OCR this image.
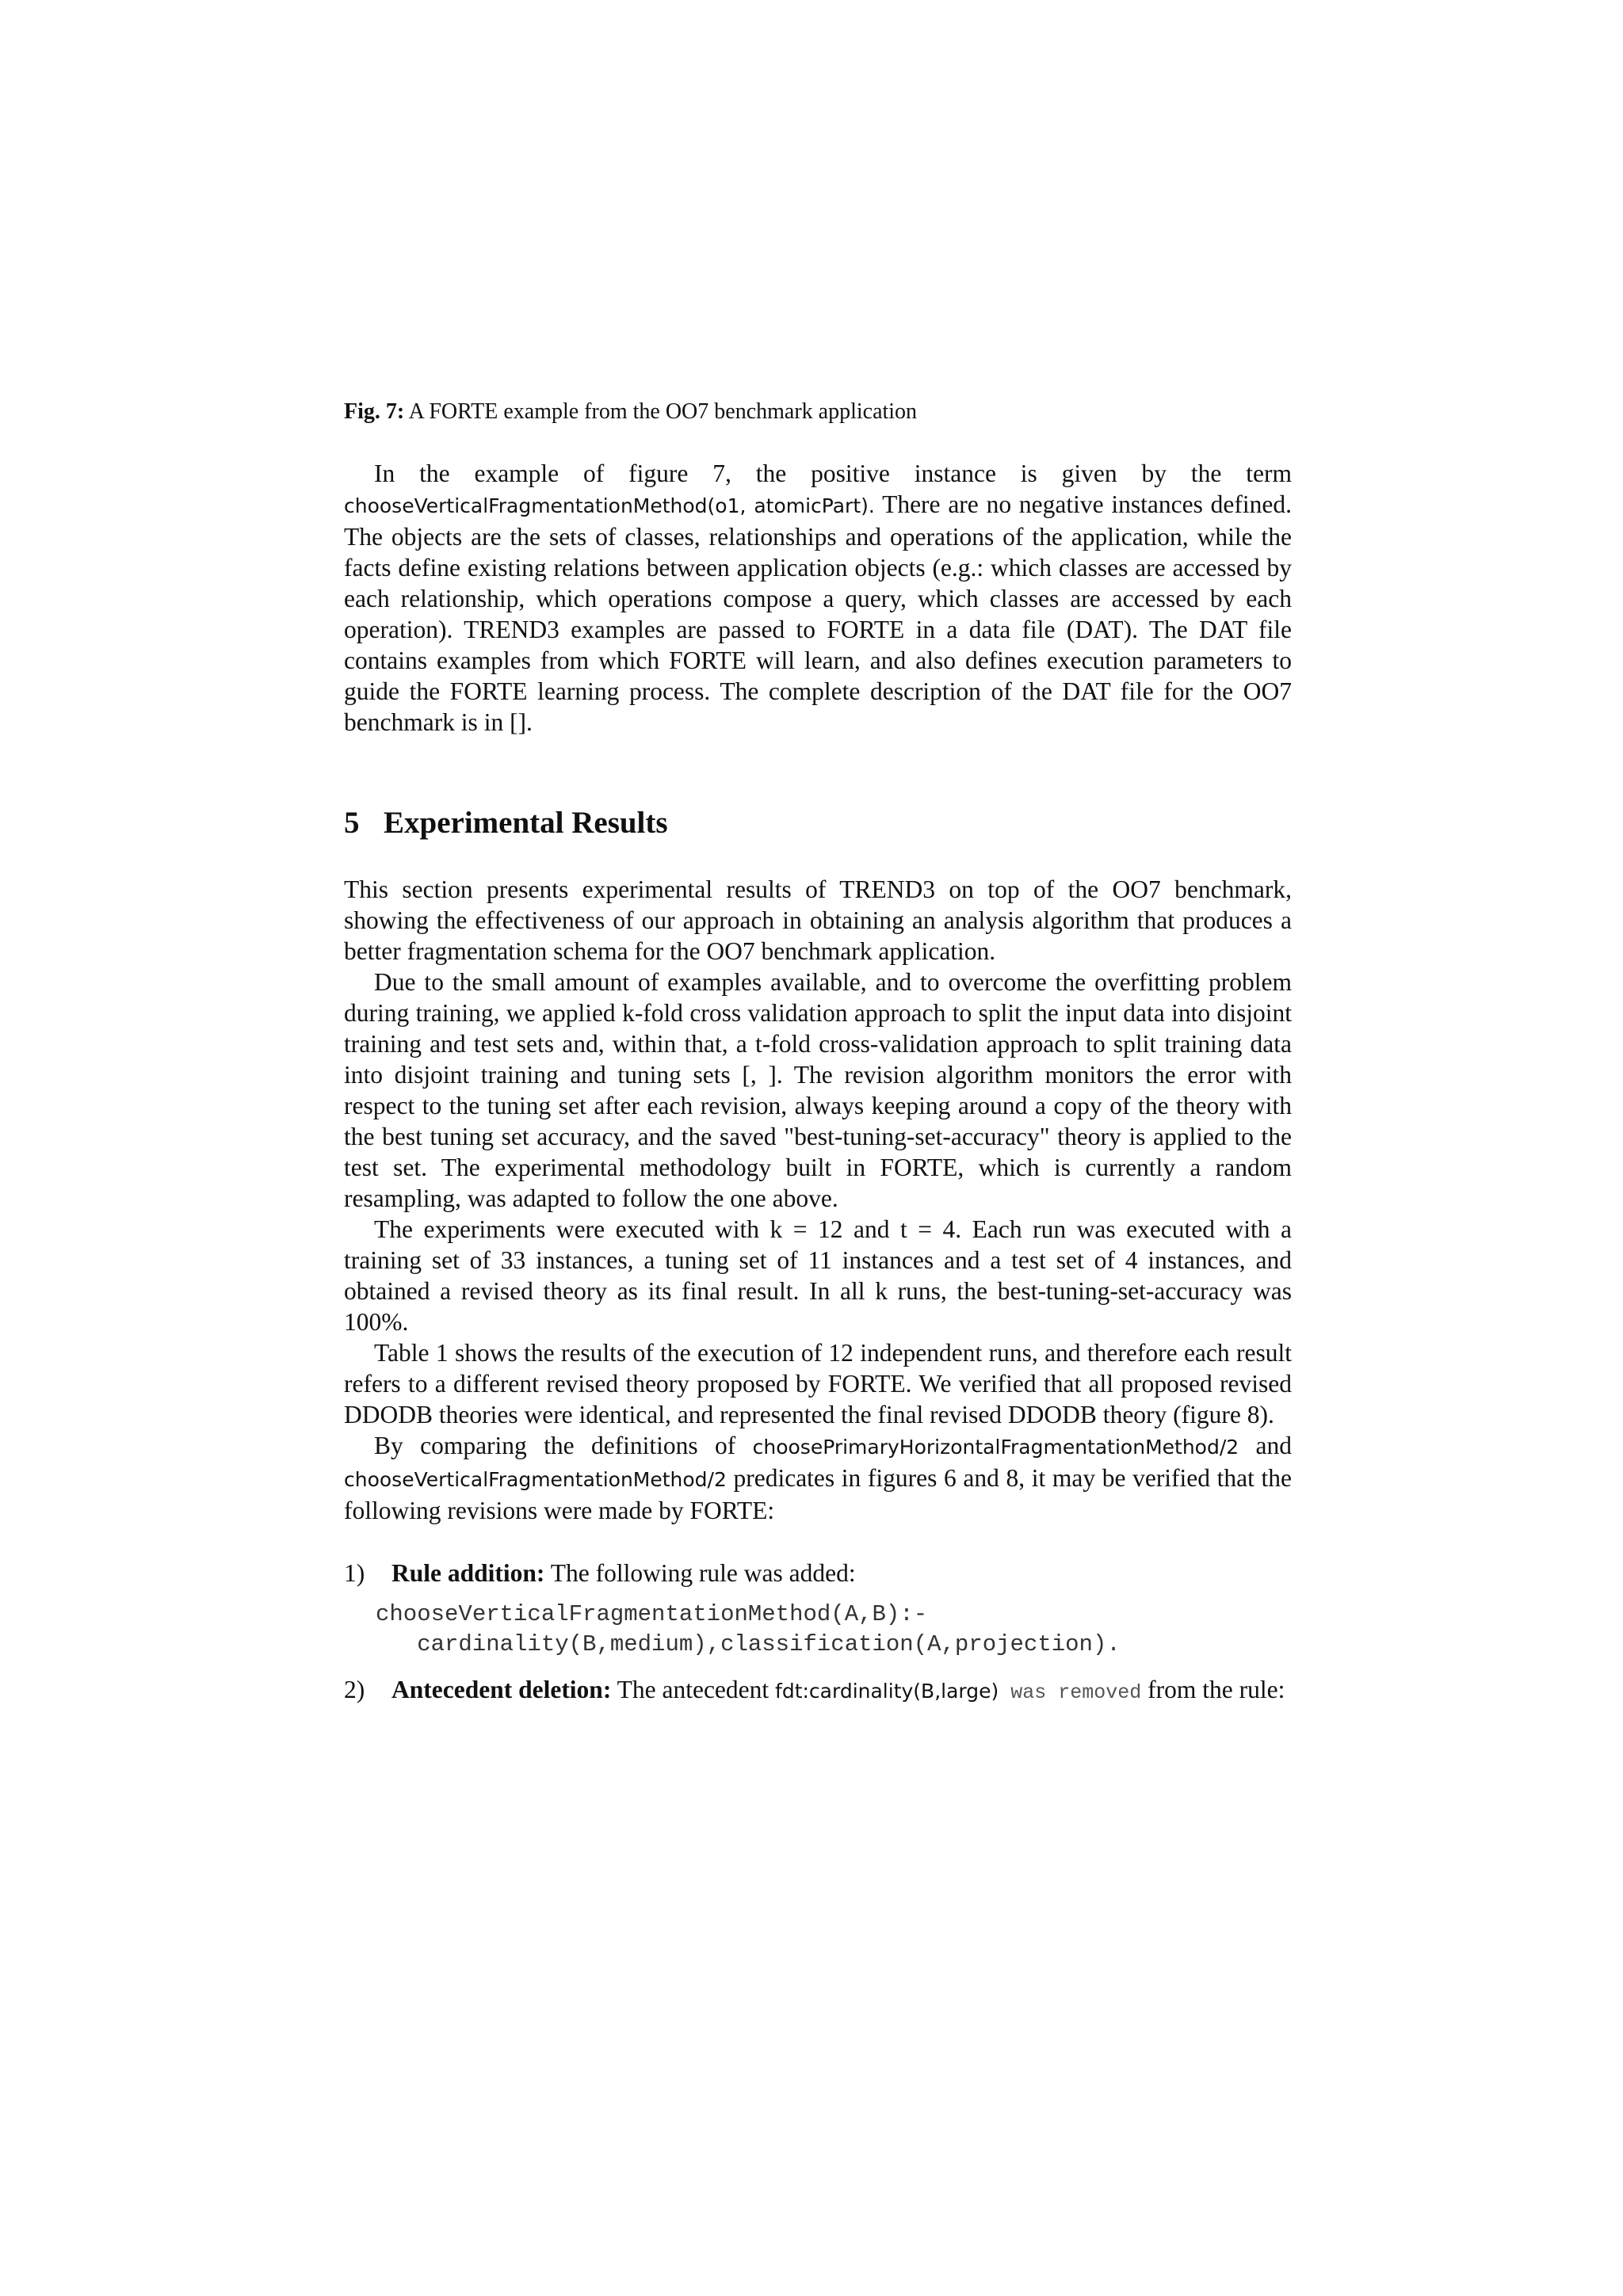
Fig. 7: A FORTE example from the OO7 benchmark application

In the example of figure 7, the positive instance is given by the term chooseVerticalFragmentationMethod(o1, atomicPart). There are no negative instances defined. The objects are the sets of classes, relationships and operations of the application, while the facts define existing relations between application objects (e.g.: which classes are accessed by each relationship, which operations compose a query, which classes are accessed by each operation). TREND3 examples are passed to FORTE in a data file (DAT). The DAT file contains examples from which FORTE will learn, and also defines execution parameters to guide the FORTE learning process. The complete description of the DAT file for the OO7 benchmark is in [].

5 Experimental Results

This section presents experimental results of TREND3 on top of the OO7 benchmark, showing the effectiveness of our approach in obtaining an analysis algorithm that produces a better fragmentation schema for the OO7 benchmark application.

Due to the small amount of examples available, and to overcome the overfitting problem during training, we applied k-fold cross validation approach to split the input data into disjoint training and test sets and, within that, a t-fold cross-validation approach to split training data into disjoint training and tuning sets [, ]. The revision algorithm monitors the error with respect to the tuning set after each revision, always keeping around a copy of the theory with the best tuning set accuracy, and the saved "best-tuning-set-accuracy" theory is applied to the test set. The experimental methodology built in FORTE, which is currently a random resampling, was adapted to follow the one above.

The experiments were executed with k = 12 and t = 4. Each run was executed with a training set of 33 instances, a tuning set of 11 instances and a test set of 4 instances, and obtained a revised theory as its final result. In all k runs, the best-tuning-set-accuracy was 100%.

Table 1 shows the results of the execution of 12 independent runs, and therefore each result refers to a different revised theory proposed by FORTE. We verified that all proposed revised DDODB theories were identical, and represented the final revised DDODB theory (figure 8).

By comparing the definitions of choosePrimaryHorizontalFragmentationMethod/2 and chooseVerticalFragmentationMethod/2 predicates in figures 6 and 8, it may be verified that the following revisions were made by FORTE:

1) Rule addition: The following rule was added:
chooseVerticalFragmentationMethod(A,B):-
cardinality(B,medium),classification(A,projection).
2) Antecedent deletion: The antecedent fdt:cardinality(B,large) was removed from the rule:
